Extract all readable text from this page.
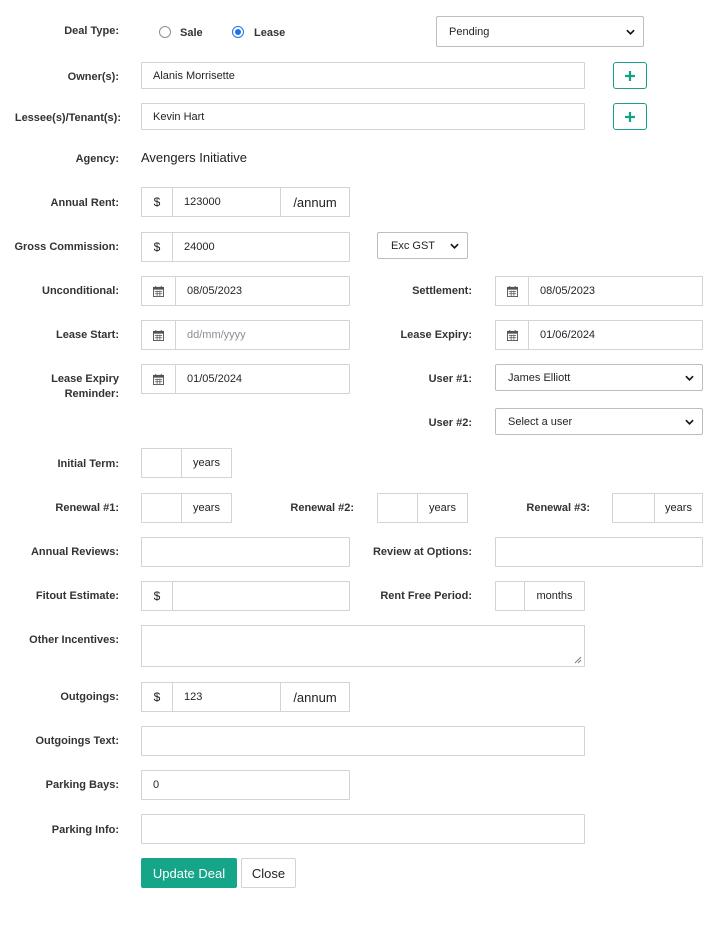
Deal Type:	Sale	Lease	Pending
Owner(s):	Alanis Morrisette
Lessee(s)/Tenant(s):	Kevin Hart
Agency: Avengers Initiative
Annual Rent:	$	123000	/annum
Gross Commission:	$	24000	Exc GST
Unconditional:	08/05/2023	Settlement:	08/05/2023
Lease Start:	dd/mm/yyyy	Lease Expiry:	01/06/2024
Lease Expiry
Reminder:
01/05/2024	User #1:	James Elliott
User #2:	Select a user
Initial Term:	years
Renewal #1:	years	Renewal #2:	years	Renewal #3:	years
Annual Reviews:	Review at Options:
Fitout Estimate:	$	Rent Free Period:	months
Other Incentives:
Outgoings:	$	123	/annum
Outgoings Text:
Parking Bays:	0
Parking Info:
Update Deal	Close
